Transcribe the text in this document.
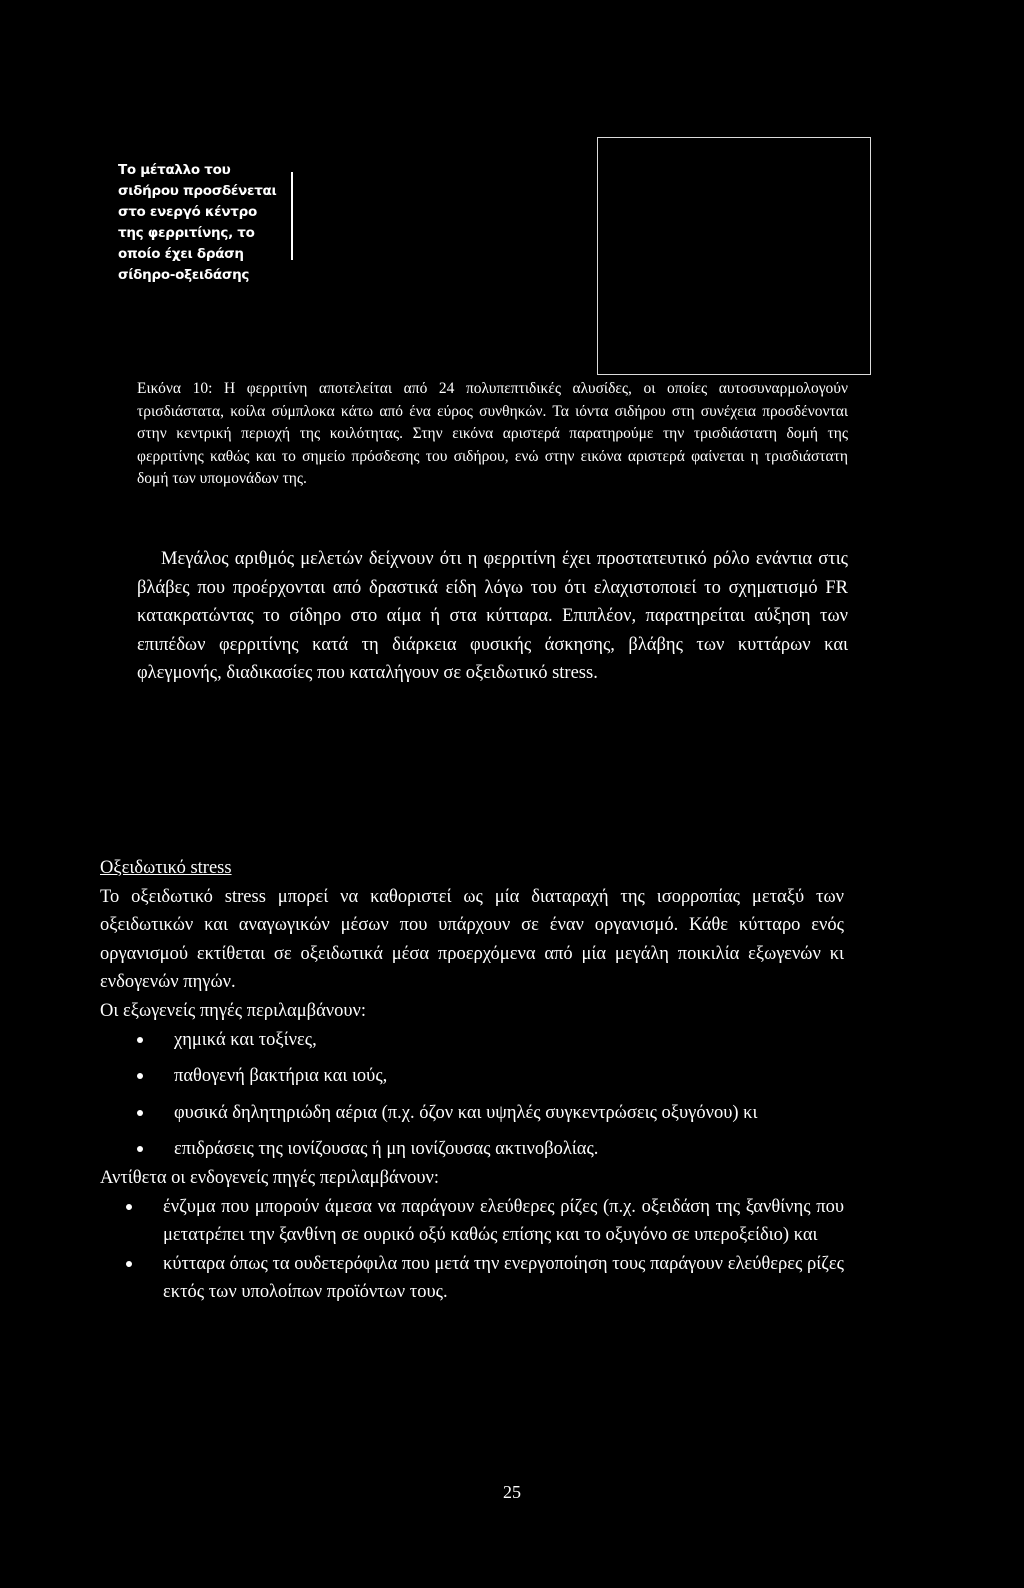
Το μέταλλο του σιδήρου προσδένεται στο ενεργό κέντρο της φερριτίνης, το οποίο έχει δράση σίδηρο-οξειδάσης
Εικόνα 10: Η φερριτίνη αποτελείται από 24 πολυπεπτιδικές αλυσίδες, οι οποίες αυτοσυναρμολογούν τρισδιάστατα, κοίλα σύμπλοκα κάτω από ένα εύρος συνθηκών. Τα ιόντα σιδήρου στη συνέχεια προσδένονται στην κεντρική περιοχή της κοιλότητας. Στην εικόνα αριστερά παρατηρούμε την τρισδιάστατη δομή της φερριτίνης καθώς και το σημείο πρόσδεσης του σιδήρου, ενώ στην εικόνα αριστερά φαίνεται η τρισδιάστατη δομή των υπομονάδων της.
Μεγάλος αριθμός μελετών δείχνουν ότι η φερριτίνη έχει προστατευτικό ρόλο ενάντια στις βλάβες που προέρχονται από δραστικά είδη λόγω του ότι ελαχιστοποιεί το σχηματισμό FR κατακρατώντας το σίδηρο στο αίμα ή στα κύτταρα. Επιπλέον, παρατηρείται αύξηση των επιπέδων φερριτίνης κατά τη διάρκεια φυσικής άσκησης, βλάβης των κυττάρων και φλεγμονής, διαδικασίες που καταλήγουν σε οξειδωτικό stress.
Οξειδωτικό stress

Το οξειδωτικό stress μπορεί να καθοριστεί ως μία διαταραχή της ισορροπίας μεταξύ των οξειδωτικών και αναγωγικών μέσων που υπάρχουν σε έναν οργανισμό. Κάθε κύτταρο ενός οργανισμού εκτίθεται σε οξειδωτικά μέσα προερχόμενα από μία μεγάλη ποικιλία εξωγενών κι ενδογενών πηγών.

Οι εξωγενείς πηγές περιλαμβάνουν:

χημικά και τοξίνες,
παθογενή βακτήρια και ιούς,
φυσικά δηλητηριώδη αέρια (π.χ. όζον και υψηλές συγκεντρώσεις οξυγόνου) κι
επιδράσεις της ιονίζουσας ή μη ιονίζουσας ακτινοβολίας.

Αντίθετα οι ενδογενείς πηγές περιλαμβάνουν:

ένζυμα που μπορούν άμεσα να παράγουν ελεύθερες ρίζες (π.χ. οξειδάση της ξανθίνης που μετατρέπει την ξανθίνη σε ουρικό οξύ καθώς επίσης και το οξυγόνο σε υπεροξείδιο) και
κύτταρα όπως τα ουδετερόφιλα που μετά την ενεργοποίηση τους παράγουν ελεύθερες ρίζες εκτός των υπολοίπων προϊόντων τους.
25
